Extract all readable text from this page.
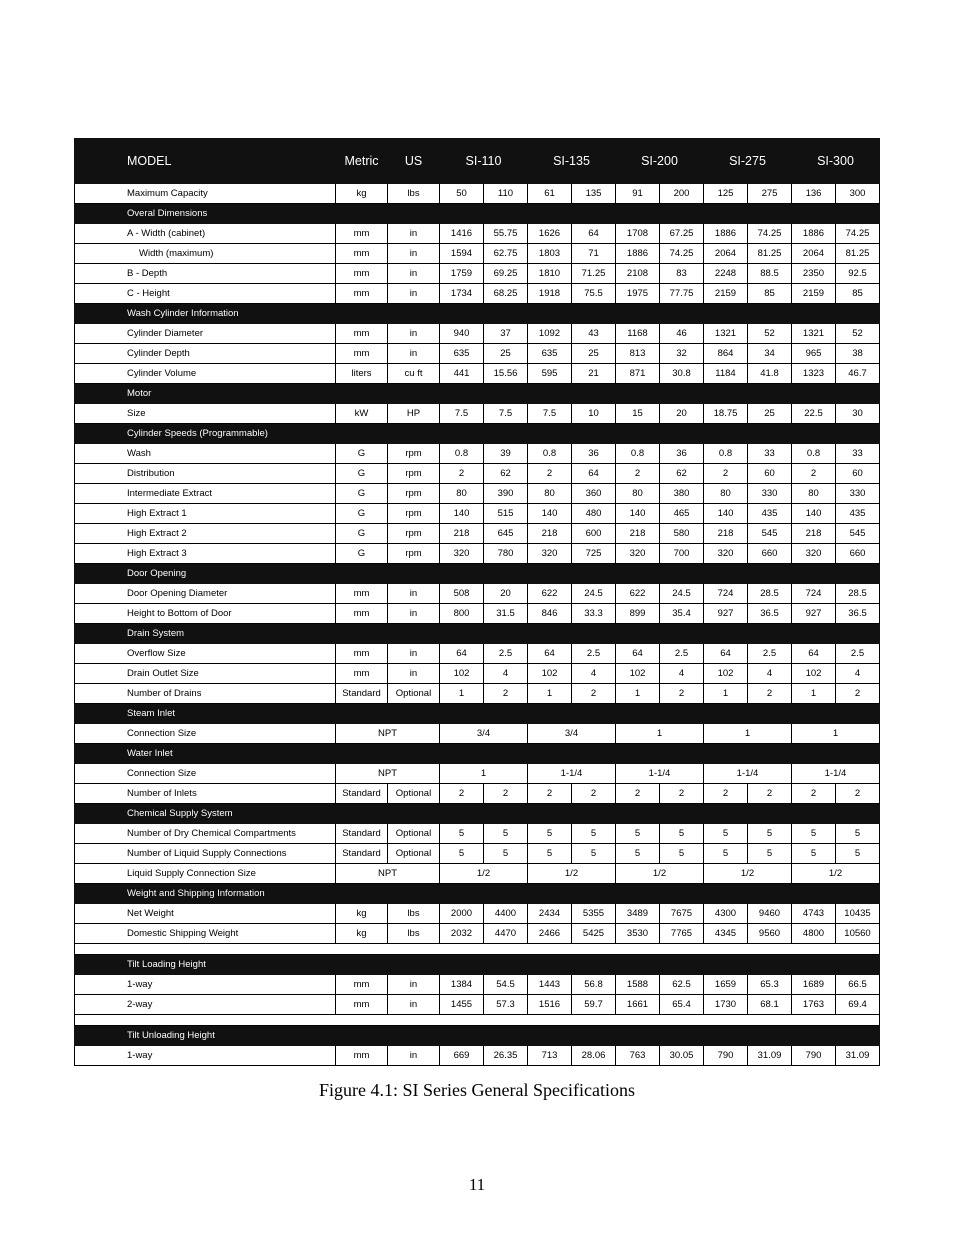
MODEL	Metric	US	SI-110		SI-135		SI-200		SI-275		SI-300	
Maximum Capacity	kg	lbs	50	110	61	135	91	200	125	275	136	300
Overal Dimensions												
A - Width (cabinet)	mm	in	1416	55.75	1626	64	1708	67.25	1886	74.25	1886	74.25
Width (maximum)	mm	in	1594	62.75	1803	71	1886	74.25	2064	81.25	2064	81.25
B - Depth	mm	in	1759	69.25	1810	71.25	2108	83	2248	88.5	2350	92.5
C - Height	mm	in	1734	68.25	1918	75.5	1975	77.75	2159	85	2159	85
Wash Cylinder Information												
Cylinder Diameter	mm	in	940	37	1092	43	1168	46	1321	52	1321	52
Cylinder Depth	mm	in	635	25	635	25	813	32	864	34	965	38
Cylinder Volume	liters	cu ft	441	15.56	595	21	871	30.8	1184	41.8	1323	46.7
Motor												
Size	kW	HP	7.5	7.5	7.5	10	15	20	18.75	25	22.5	30
Cylinder Speeds (Programmable)												
Wash	G	rpm	0.8	39	0.8	36	0.8	36	0.8	33	0.8	33
Distribution	G	rpm	2	62	2	64	2	62	2	60	2	60
Intermediate Extract	G	rpm	80	390	80	360	80	380	80	330	80	330
High Extract 1	G	rpm	140	515	140	480	140	465	140	435	140	435
High Extract 2	G	rpm	218	645	218	600	218	580	218	545	218	545
High Extract 3	G	rpm	320	780	320	725	320	700	320	660	320	660
Door Opening												
Door Opening Diameter	mm	in	508	20	622	24.5	622	24.5	724	28.5	724	28.5
Height to Bottom of Door	mm	in	800	31.5	846	33.3	899	35.4	927	36.5	927	36.5
Drain System												
Overflow Size	mm	in	64	2.5	64	2.5	64	2.5	64	2.5	64	2.5
Drain Outlet Size	mm	in	102	4	102	4	102	4	102	4	102	4
Number of Drains	Standard	Optional	1	2	1	2	1	2	1	2	1	2
Steam Inlet												
Connection Size	NPT		3/4		3/4		1		1		1	
Water Inlet												
Connection Size	NPT		1		1-1/4		1-1/4		1-1/4		1-1/4	
Number of Inlets	Standard	Optional	2	2	2	2	2	2	2	2	2	2
Chemical Supply System												
Number of Dry Chemical Compartments	Standard	Optional	5	5	5	5	5	5	5	5	5	5
Number of Liquid Supply Connections	Standard	Optional	5	5	5	5	5	5	5	5	5	5
Liquid Supply Connection Size	NPT		1/2		1/2		1/2		1/2		1/2	
Weight and Shipping Information												
Net Weight	kg	lbs	2000	4400	2434	5355	3489	7675	4300	9460	4743	10435
Domestic Shipping Weight	kg	lbs	2032	4470	2466	5425	3530	7765	4345	9560	4800	10560

Tilt Loading Height												
1-way	mm	in	1384	54.5	1443	56.8	1588	62.5	1659	65.3	1689	66.5
2-way	mm	in	1455	57.3	1516	59.7	1661	65.4	1730	68.1	1763	69.4

Tilt Unloading Height												
1-way	mm	in	669	26.35	713	28.06	763	30.05	790	31.09	790	31.09
Figure 4.1: SI Series General Specifications
11
